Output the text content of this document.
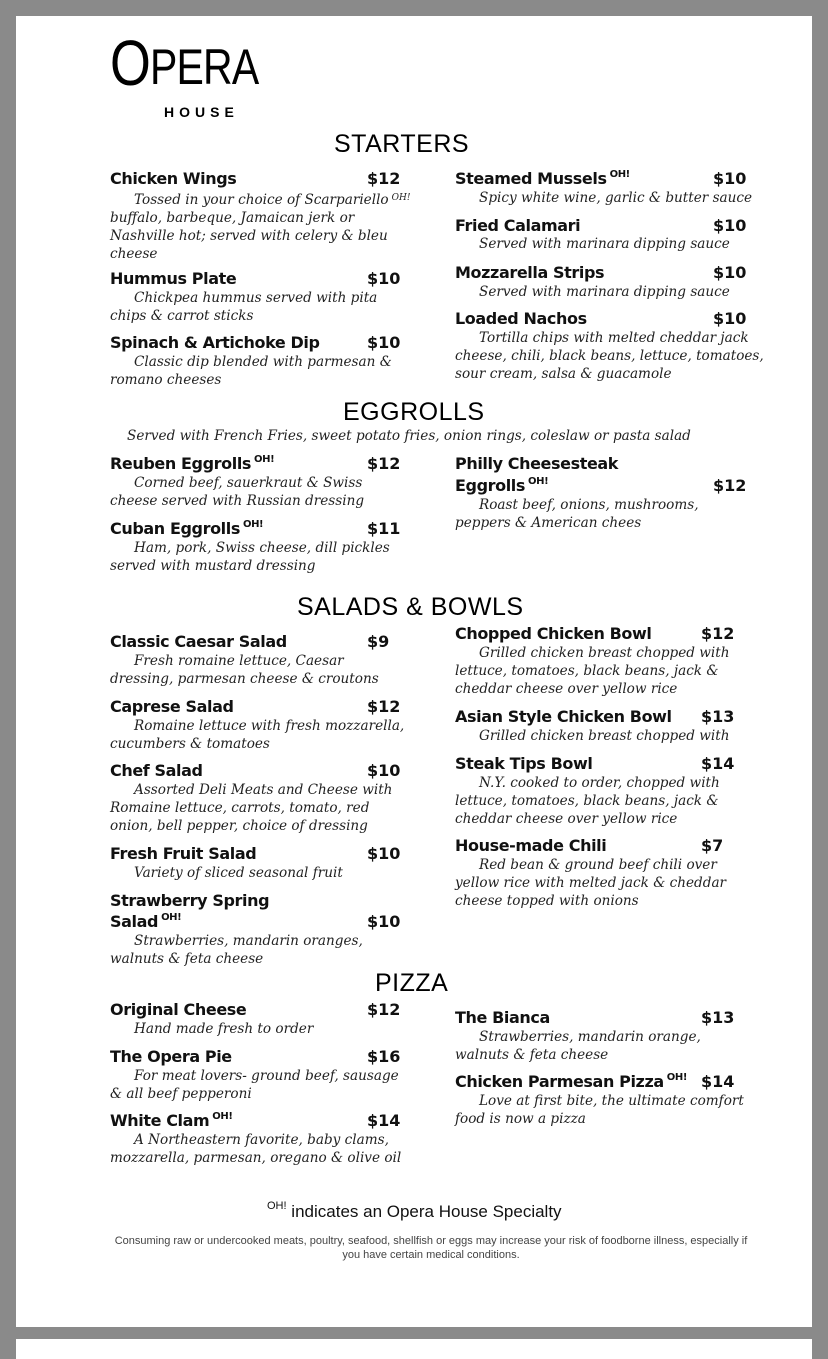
OPERA
HOUSE
STARTERS
Chicken Wings	$12
Tossed in your choice of Scarpariello $^{OH!}$ buffalo, barbeque, Jamaican jerk or Nashville hot; served with celery & bleu cheese
Hummus Plate	$10
Chickpea hummus served with pita chips & carrot sticks
Spinach & Artichoke Dip	$10
Classic dip blended with parmesan & romano cheeses
Steamed Mussels $^{OH!}$	$10
Spicy white wine, garlic & butter sauce
Fried Calamari	$10
Served with marinara dipping sauce
Mozzarella Strips	$10
Served with marinara dipping sauce
Loaded Nachos	$10
Tortilla chips with melted cheddar jack cheese, chili, black beans, lettuce, tomatoes, sour cream, salsa & guacamole
EGGROLLS
Served with French Fries, sweet potato fries, onion rings, coleslaw or pasta salad
Reuben Eggrolls $^{OH!}$	$12
Corned beef, sauerkraut & Swiss cheese served with Russian dressing
Cuban Eggrolls $^{OH!}$	$11
Ham, pork, Swiss cheese, dill pickles served with mustard dressing
Philly Cheesesteak
Eggrolls $^{OH!}$	$12
Roast beef, onions, mushrooms, peppers & American chees
SALADS & BOWLS
Classic Caesar Salad	$9
Fresh romaine lettuce, Caesar dressing, parmesan cheese & croutons
Caprese Salad	$12
Romaine lettuce with fresh mozzarella, cucumbers & tomatoes
Chef Salad	$10
Assorted Deli Meats and Cheese with Romaine lettuce, carrots, tomato, red onion, bell pepper, choice of dressing
Fresh Fruit Salad	$10
Variety of sliced seasonal fruit
Strawberry Spring
Salad $^{OH!}$	$10
Strawberries, mandarin oranges, walnuts & feta cheese
Chopped Chicken Bowl	$12
Grilled chicken breast chopped with lettuce, tomatoes, black beans, jack & cheddar cheese over yellow rice
Asian Style Chicken Bowl $13
Grilled chicken breast chopped with
Steak Tips Bowl	$14
N.Y. cooked to order, chopped with lettuce, tomatoes, black beans, jack & cheddar cheese over yellow rice
House-made Chili	$7
Red bean & ground beef chili over yellow rice with melted jack & cheddar cheese topped with onions
PIZZA
Original Cheese	$12
Hand made fresh to order
The Opera Pie	$16
For meat lovers- ground beef, sausage & all beef pepperoni
White Clam $^{OH!}$	$14
A Northeastern favorite, baby clams, mozzarella, parmesan, oregano & olive oil
The Bianca	$13
Strawberries, mandarin orange, walnuts & feta cheese
Chicken Parmesan Pizza $^{OH!}$ $14
Love at first bite, the ultimate comfort food is now a pizza
$^{OH!}$ indicates an Opera House Specialty
Consuming raw or undercooked meats, poultry, seafood, shellfish or eggs may increase your risk of foodborne illness, especially if you have certain medical conditions.
